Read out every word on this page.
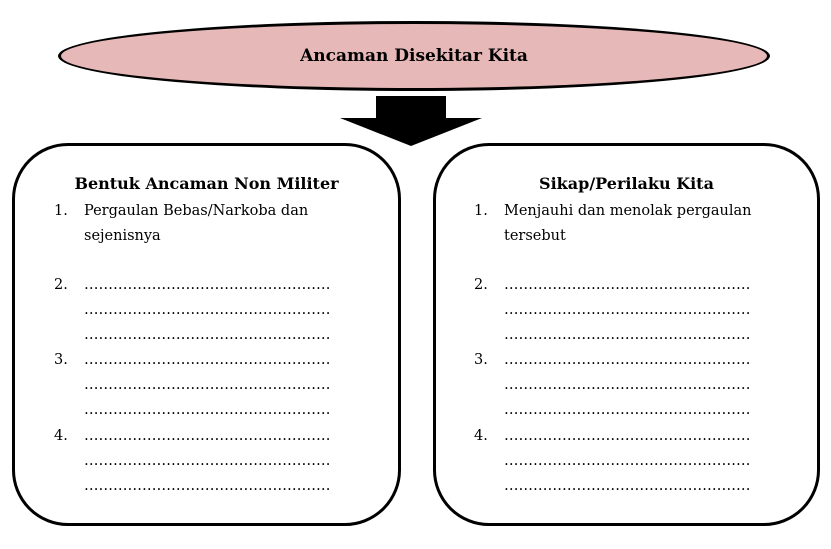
Ancaman Disekitar Kita
Bentuk Ancaman Non Militer
1. Pergaulan Bebas/Narkoba dan
sejenisnya
2. ……………………………………………
……………………………………………
……………………………………………
3. ……………………………………………
……………………………………………
……………………………………………
4. ……………………………………………
……………………………………………
……………………………………………
Sikap/Perilaku Kita
1. Menjauhi dan menolak pergaulan
tersebut
2. ……………………………………………
……………………………………………
……………………………………………
3. ……………………………………………
……………………………………………
……………………………………………
4. ……………………………………………
……………………………………………
……………………………………………
